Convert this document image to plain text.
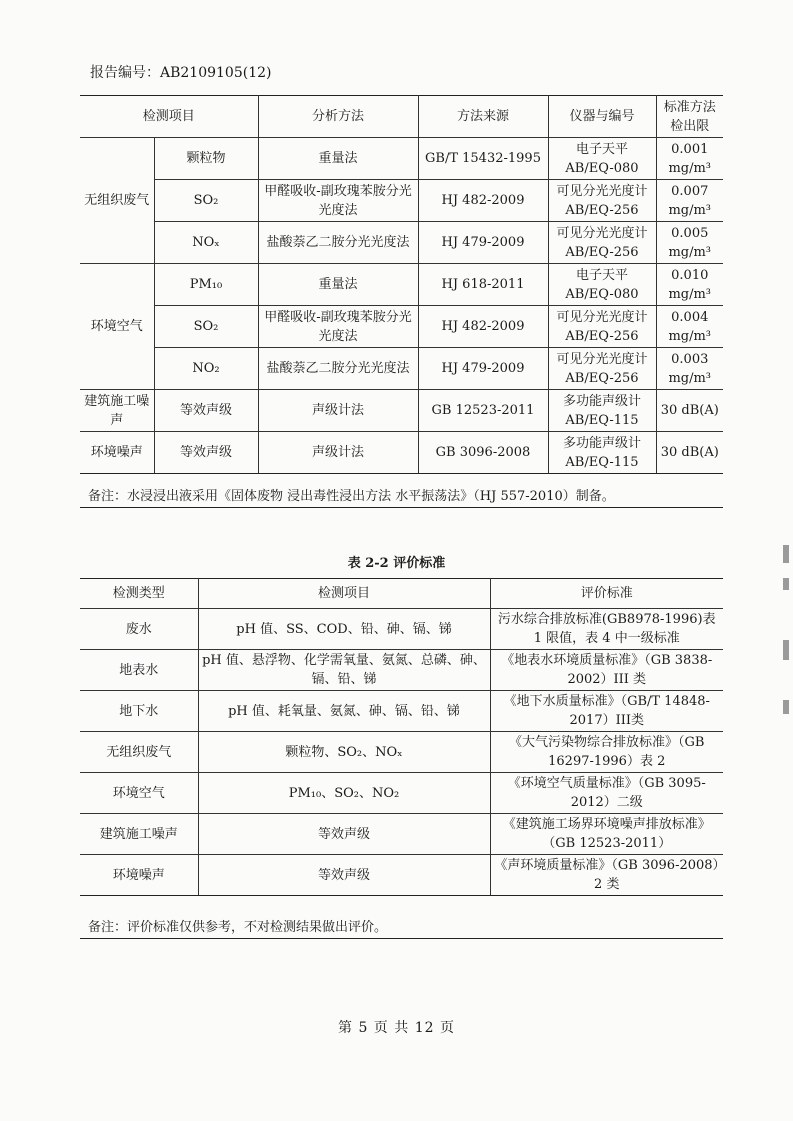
报告编号：AB2109105(12)
检测项目		分析方法	方法来源	仪器与编号	标准方法检出限
无组织废气	颗粒物	重量法	GB/T 15432-1995	电子天平 AB/EQ-080	0.001 mg/m³
	SO₂	甲醛吸收-副玫瑰苯胺分光光度法	HJ 482-2009	可见分光光度计 AB/EQ-256	0.007 mg/m³
	NOₓ	盐酸萘乙二胺分光光度法	HJ 479-2009	可见分光光度计 AB/EQ-256	0.005 mg/m³
环境空气	PM₁₀	重量法	HJ 618-2011	电子天平 AB/EQ-080	0.010 mg/m³
	SO₂	甲醛吸收-副玫瑰苯胺分光光度法	HJ 482-2009	可见分光光度计 AB/EQ-256	0.004 mg/m³
	NO₂	盐酸萘乙二胺分光光度法	HJ 479-2009	可见分光光度计 AB/EQ-256	0.003 mg/m³
建筑施工噪声	等效声级	声级计法	GB 12523-2011	多功能声级计 AB/EQ-115	30 dB(A)
环境噪声	等效声级	声级计法	GB 3096-2008	多功能声级计 AB/EQ-115	30 dB(A)
备注：水浸浸出液采用《固体废物 浸出毒性浸出方法 水平振荡法》（HJ 557-2010）制备。
表 2-2 评价标准
检测类型	检测项目	评价标准
废水	pH 值、SS、COD、铅、砷、镉、锑	污水综合排放标准(GB8978-1996)表 1 限值，表 4 中一级标准
地表水	pH 值、悬浮物、化学需氧量、氨氮、总磷、砷、镉、铅、锑	《地表水环境质量标准》（GB 3838-2002）III 类
地下水	pH 值、耗氧量、氨氮、砷、镉、铅、锑	《地下水质量标准》（GB/T 14848-2017）III类
无组织废气	颗粒物、SO₂、NOₓ	《大气污染物综合排放标准》（GB 16297-1996）表 2
环境空气	PM₁₀、SO₂、NO₂	《环境空气质量标准》（GB 3095-2012）二级
建筑施工噪声	等效声级	《建筑施工场界环境噪声排放标准》（GB 12523-2011）
环境噪声	等效声级	《声环境质量标准》（GB 3096-2008）2 类
备注：评价标准仅供参考，不对检测结果做出评价。
第 5 页 共 12 页
